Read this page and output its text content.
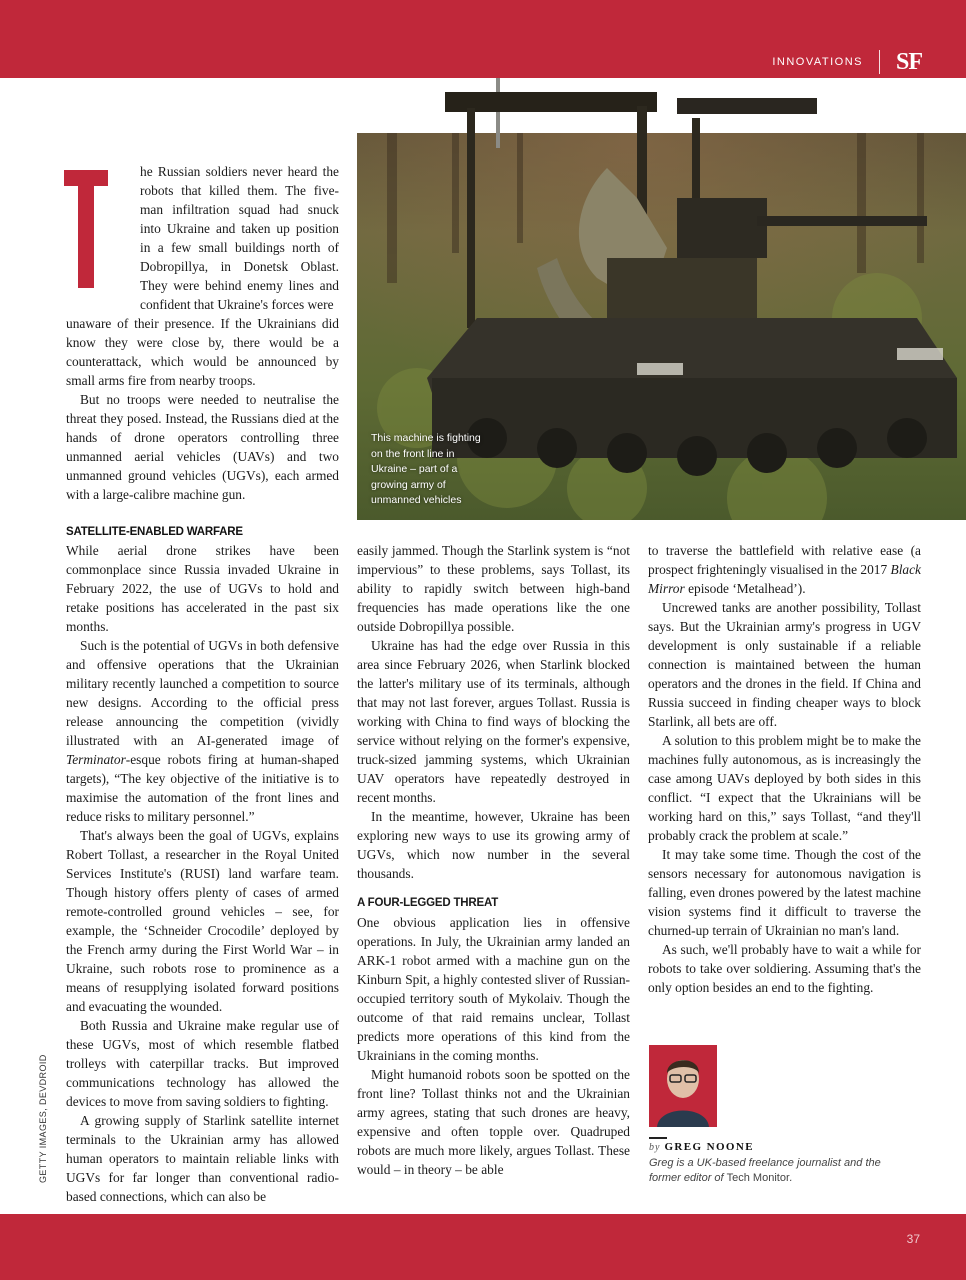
INNOVATIONS SF
This machine is fighting on the front line in Ukraine – part of a growing army of unmanned vehicles

he Russian soldiers never heard the robots that killed them. The five-man infiltration squad had snuck into Ukraine and taken up position in a few small buildings north of Dobropillya, in Donetsk Oblast. They were behind enemy lines and confident that Ukraine's forces were

unaware of their presence. If the Ukrainians did know they were close by, there would be a counterattack, which would be announced by small arms fire from nearby troops.

But no troops were needed to neutralise the threat they posed. Instead, the Russians died at the hands of drone operators controlling three unmanned aerial vehicles (UAVs) and two unmanned ground vehicles (UGVs), each armed with a large-calibre machine gun.

SATELLITE-ENABLED WARFARE

While aerial drone strikes have been commonplace since Russia invaded Ukraine in February 2022, the use of UGVs to hold and retake positions has accelerated in the past six months.

Such is the potential of UGVs in both defensive and offensive operations that the Ukrainian military recently launched a competition to source new designs. According to the official press release announcing the competition (vividly illustrated with an AI-generated image of Terminator-esque robots firing at human-shaped targets), “The key objective of the initiative is to maximise the automation of the front lines and reduce risks to military personnel.”

That's always been the goal of UGVs, explains Robert Tollast, a researcher in the Royal United Services Institute's (RUSI) land warfare team. Though history offers plenty of cases of armed remote-controlled ground vehicles – see, for example, the ‘Schneider Crocodile’ deployed by the French army during the First World War – in Ukraine, such robots rose to prominence as a means of resupplying isolated forward positions and evacuating the wounded.

Both Russia and Ukraine make regular use of these UGVs, most of which resemble flatbed trolleys with caterpillar tracks. But improved communications technology has allowed the devices to move from saving soldiers to fighting.

A growing supply of Starlink satellite internet terminals to the Ukrainian army has allowed human operators to maintain reliable links with UGVs for far longer than conventional radio-based connections, which can also be

easily jammed. Though the Starlink system is “not impervious” to these problems, says Tollast, its ability to rapidly switch between high-band frequencies has made operations like the one outside Dobropillya possible.

Ukraine has had the edge over Russia in this area since February 2026, when Starlink blocked the latter's military use of its terminals, although that may not last forever, argues Tollast. Russia is working with China to find ways of blocking the service without relying on the former's expensive, truck-sized jamming systems, which Ukrainian UAV operators have repeatedly destroyed in recent months.

In the meantime, however, Ukraine has been exploring new ways to use its growing army of UGVs, which now number in the several thousands.

A FOUR-LEGGED THREAT

One obvious application lies in offensive operations. In July, the Ukrainian army landed an ARK-1 robot armed with a machine gun on the Kinburn Spit, a highly contested sliver of Russian-occupied territory south of Mykolaiv. Though the outcome of that raid remains unclear, Tollast predicts more operations of this kind from the Ukrainians in the coming months.

Might humanoid robots soon be spotted on the front line? Tollast thinks not and the Ukrainian army agrees, stating that such drones are heavy, expensive and often topple over. Quadruped robots are much more likely, argues Tollast. These would – in theory – be able

to traverse the battlefield with relative ease (a prospect frighteningly visualised in the 2017 Black Mirror episode ‘Metalhead’).

Uncrewed tanks are another possibility, Tollast says. But the Ukrainian army's progress in UGV development is only sustainable if a reliable connection is maintained between the human operators and the drones in the field. If China and Russia succeed in finding cheaper ways to block Starlink, all bets are off.

A solution to this problem might be to make the machines fully autonomous, as is increasingly the case among UAVs deployed by both sides in this conflict. “I expect that the Ukrainians will be working hard on this,” says Tollast, “and they'll probably crack the problem at scale.”

It may take some time. Though the cost of the sensors necessary for autonomous navigation is falling, even drones powered by the latest machine vision systems find it difficult to traverse the churned-up terrain of Ukrainian no man's land.

As such, we'll probably have to wait a while for robots to take over soldiering. Assuming that's the only option besides an end to the fighting.

by GREG NOONE
Greg is a UK-based freelance journalist and the former editor of Tech Monitor.
GETTY IMAGES, DEVDROID
37
